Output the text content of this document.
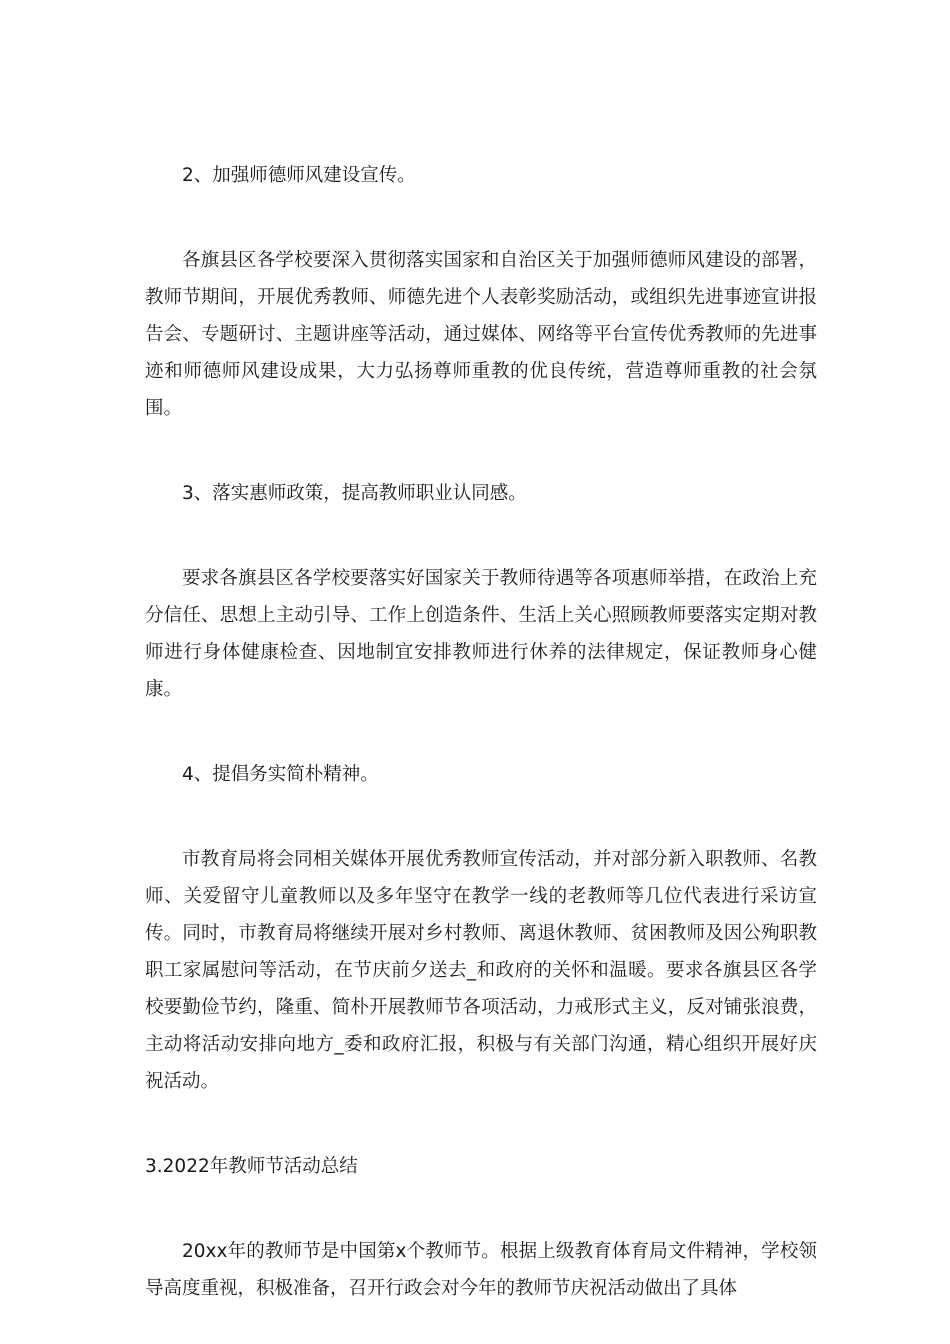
2、加强师德师风建设宣传。

各旗县区各学校要深入贯彻落实国家和自治区关于加强师德师风建设的部署，教师节期间，开展优秀教师、师德先进个人表彰奖励活动，或组织先进事迹宣讲报告会、专题研讨、主题讲座等活动，通过媒体、网络等平台宣传优秀教师的先进事迹和师德师风建设成果，大力弘扬尊师重教的优良传统，营造尊师重教的社会氛围。

3、落实惠师政策，提高教师职业认同感。

要求各旗县区各学校要落实好国家关于教师待遇等各项惠师举措，在政治上充分信任、思想上主动引导、工作上创造条件、生活上关心照顾教师要落实定期对教师进行身体健康检查、因地制宜安排教师进行休养的法律规定，保证教师身心健康。

4、提倡务实简朴精神。

市教育局将会同相关媒体开展优秀教师宣传活动，并对部分新入职教师、名教师、关爱留守儿童教师以及多年坚守在教学一线的老教师等几位代表进行采访宣传。同时，市教育局将继续开展对乡村教师、离退休教师、贫困教师及因公殉职教职工家属慰问等活动，在节庆前夕送去_和政府的关怀和温暖。要求各旗县区各学校要勤俭节约，隆重、简朴开展教师节各项活动，力戒形式主义，反对铺张浪费，主动将活动安排向地方_委和政府汇报，积极与有关部门沟通，精心组织开展好庆祝活动。

3.2022年教师节活动总结

20xx年的教师节是中国第x个教师节。根据上级教育体育局文件精神，学校领导高度重视，积极准备，召开行政会对今年的教师节庆祝活动做出了具体
